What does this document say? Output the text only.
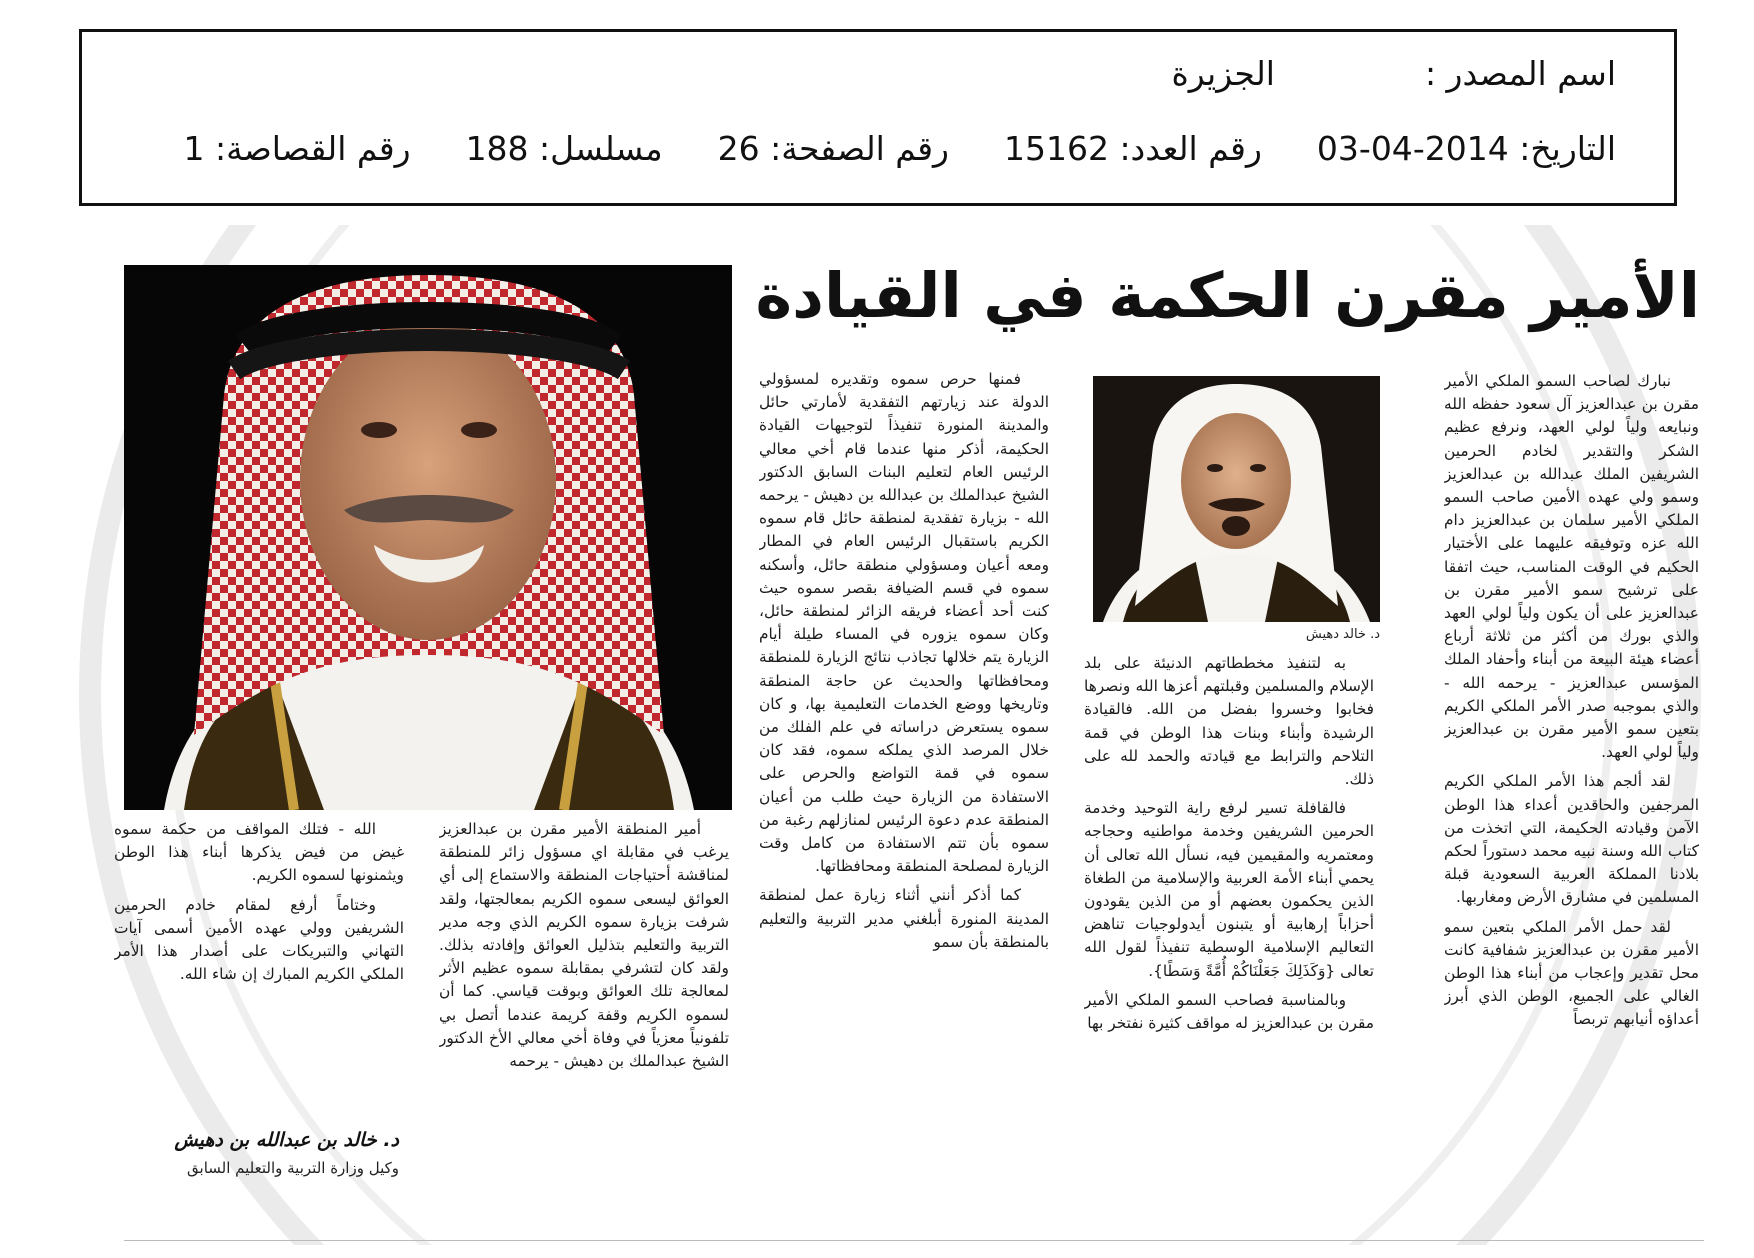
اسم المصدر :
الجزيرة
التاريخ: 2014-04-03
رقم العدد: 15162
رقم الصفحة: 26
مسلسل: 188
رقم القصاصة: 1
الأمير مقرن الحكمة في القيادة
د. خالد دهيش

نبارك لصاحب السمو الملكي الأمير مقرن بن عبدالعزيز آل سعود حفظه الله ونبايعه ولياً لولي العهد، ونرفع عظيم الشكر والتقدير لخادم الحرمين الشريفين الملك عبدالله بن عبدالعزيز وسمو ولي عهده الأمين صاحب السمو الملكي الأمير سلمان بن عبدالعزيز دام الله عزه وتوفيقه عليهما على الأختيار الحكيم في الوقت المناسب، حيث اتفقا على ترشيح سمو الأمير مقرن بن عبدالعزيز على أن يكون ولياً لولي العهد والذي بورك من أكثر من ثلاثة أرباع أعضاء هيئة البيعة من أبناء وأحفاد الملك المؤسس عبدالعزيز - يرحمه الله - والذي بموجبه صدر الأمر الملكي الكريم بتعين سمو الأمير مقرن بن عبدالعزيز ولياً لولي العهد.

لقد ألجم هذا الأمر الملكي الكريم المرجفين والحاقدين أعداء هذا الوطن الآمن وقيادته الحكيمة، التي اتخذت من كتاب الله وسنة نبيه محمد دستوراً لحكم بلادنا المملكة العربية السعودية قبلة المسلمين في مشارق الأرض ومغاربها.

لقد حمل الأمر الملكي بتعين سمو الأمير مقرن بن عبدالعزيز شفافية كانت محل تقدير وإعجاب من أبناء هذا الوطن الغالي على الجميع، الوطن الذي أبرز أعداؤه أنيابهم تربصاً

به لتنفيذ مخططاتهم الدنيئة على بلد الإسلام والمسلمين وقبلتهم أعزها الله ونصرها فخابوا وخسروا بفضل من الله. فالقيادة الرشيدة وأبناء وبنات هذا الوطن في قمة التلاحم والترابط مع قيادته والحمد لله على ذلك.

فالقافلة تسير لرفع راية التوحيد وخدمة الحرمين الشريفين وخدمة مواطنيه وحجاجه ومعتمريه والمقيمين فيه، نسأل الله تعالى أن يحمي أبناء الأمة العربية والإسلامية من الطغاة الذين يحكمون بعضهم أو من الذين يقودون أحزاباً إرهابية أو يتبنون أيدولوجيات تناهض التعاليم الإسلامية الوسطية تنفيذاً لقول الله تعالى {وَكَذَلِكَ جَعَلْنَاكُمْ أُمَّةً وَسَطًا}.

وبالمناسبة فصاحب السمو الملكي الأمير مقرن بن عبدالعزيز له مواقف كثيرة نفتخر بها

فمنها حرص سموه وتقديره لمسؤولي الدولة عند زيارتهم التفقدية لأمارتي حائل والمدينة المنورة تنفيذاً لتوجيهات القيادة الحكيمة، أذكر منها عندما قام أخي معالي الرئيس العام لتعليم البنات السابق الدكتور الشيخ عبدالملك بن عبدالله بن دهيش - يرحمه الله - بزيارة تفقدية لمنطقة حائل قام سموه الكريم باستقبال الرئيس العام في المطار ومعه أعيان ومسؤولي منطقة حائل، وأسكنه سموه في قسم الضيافة بقصر سموه حيث كنت أحد أعضاء فريقه الزائر لمنطقة حائل، وكان سموه يزوره في المساء طيلة أيام الزيارة يتم خلالها تجاذب نتائج الزيارة للمنطقة ومحافظاتها والحديث عن حاجة المنطقة وتاريخها ووضع الخدمات التعليمية بها، و كان سموه يستعرض دراساته في علم الفلك من خلال المرصد الذي يملكه سموه، فقد كان سموه في قمة التواضع والحرص على الاستفادة من الزيارة حيث طلب من أعيان المنطقة عدم دعوة الرئيس لمنازلهم رغبة من سموه بأن تتم الاستفادة من كامل وقت الزيارة لمصلحة المنطقة ومحافظاتها.

كما أذكر أنني أثناء زيارة عمل لمنطقة المدينة المنورة أبلغني مدير التربية والتعليم بالمنطقة بأن سمو

أمير المنطقة الأمير مقرن بن عبدالعزيز يرغب في مقابلة اي مسؤول زائر للمنطقة لمناقشة أحتياجات المنطقة والاستماع إلى أي العوائق ليسعى سموه الكريم بمعالجتها، ولقد شرفت بزيارة سموه الكريم الذي وجه مدير التربية والتعليم بتذليل العوائق وإفادته بذلك. ولقد كان لتشرفي بمقابلة سموه عظيم الأثر لمعالجة تلك العوائق وبوقت قياسي. كما أن لسموه الكريم وقفة كريمة عندما أتصل بي تلفونياً معزياً في وفاة أخي معالي الأخ الدكتور الشيخ عبدالملك بن دهيش - يرحمه

الله - فتلك المواقف من حكمة سموه غيض من فيض يذكرها أبناء هذا الوطن ويثمنونها لسموه الكريم.

وختاماً أرفع لمقام خادم الحرمين الشريفين وولي عهده الأمين أسمى آيات التهاني والتبريكات على أصدار هذا الأمر الملكي الكريم المبارك إن شاء الله.

د. خالد بن عبدالله بن دهيش
وكيل وزارة التربية والتعليم السابق
